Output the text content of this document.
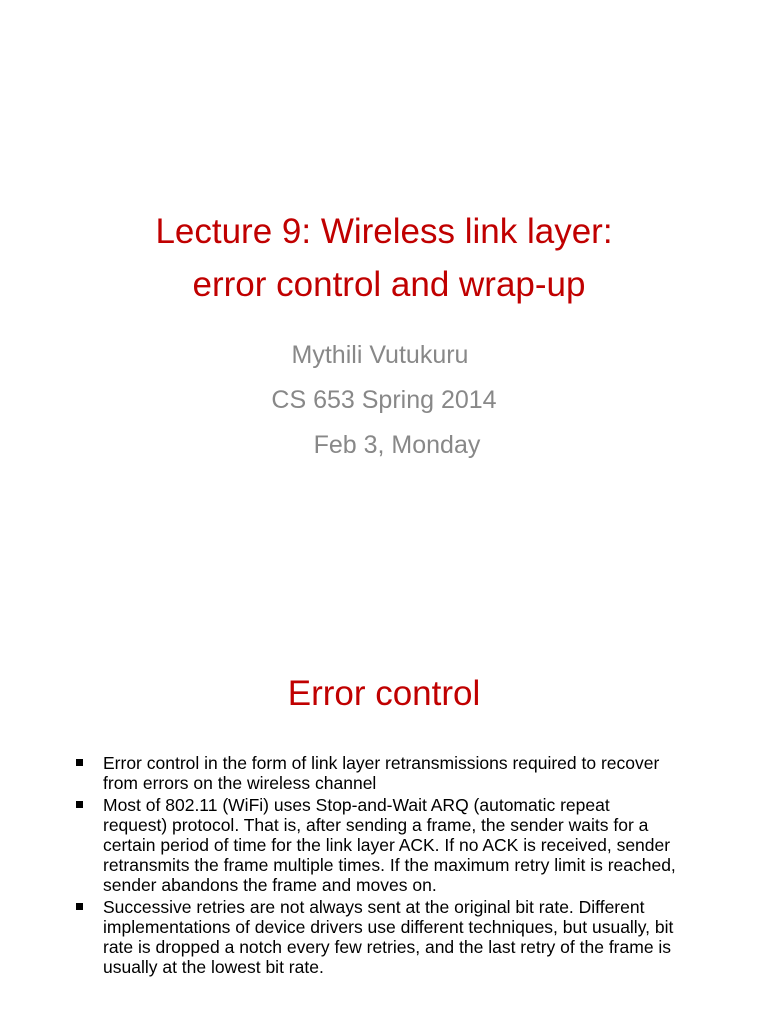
Lecture 9: Wireless link layer:
error control and wrap-up
Mythili Vutukuru
CS 653 Spring 2014
Feb 3, Monday
Error control
Error control in the form of link layer retransmissions required to recover from errors on the wireless channel
Most of 802.11 (WiFi) uses Stop-and-Wait ARQ (automatic repeat request) protocol. That is, after sending a frame, the sender waits for a certain period of time for the link layer ACK. If no ACK is received, sender retransmits the frame multiple times. If the maximum retry limit is reached, sender abandons the frame and moves on.
Successive retries are not always sent at the original bit rate. Different implementations of device drivers use different techniques, but usually, bit rate is dropped a notch every few retries, and the last retry of the frame is usually at the lowest bit rate.
